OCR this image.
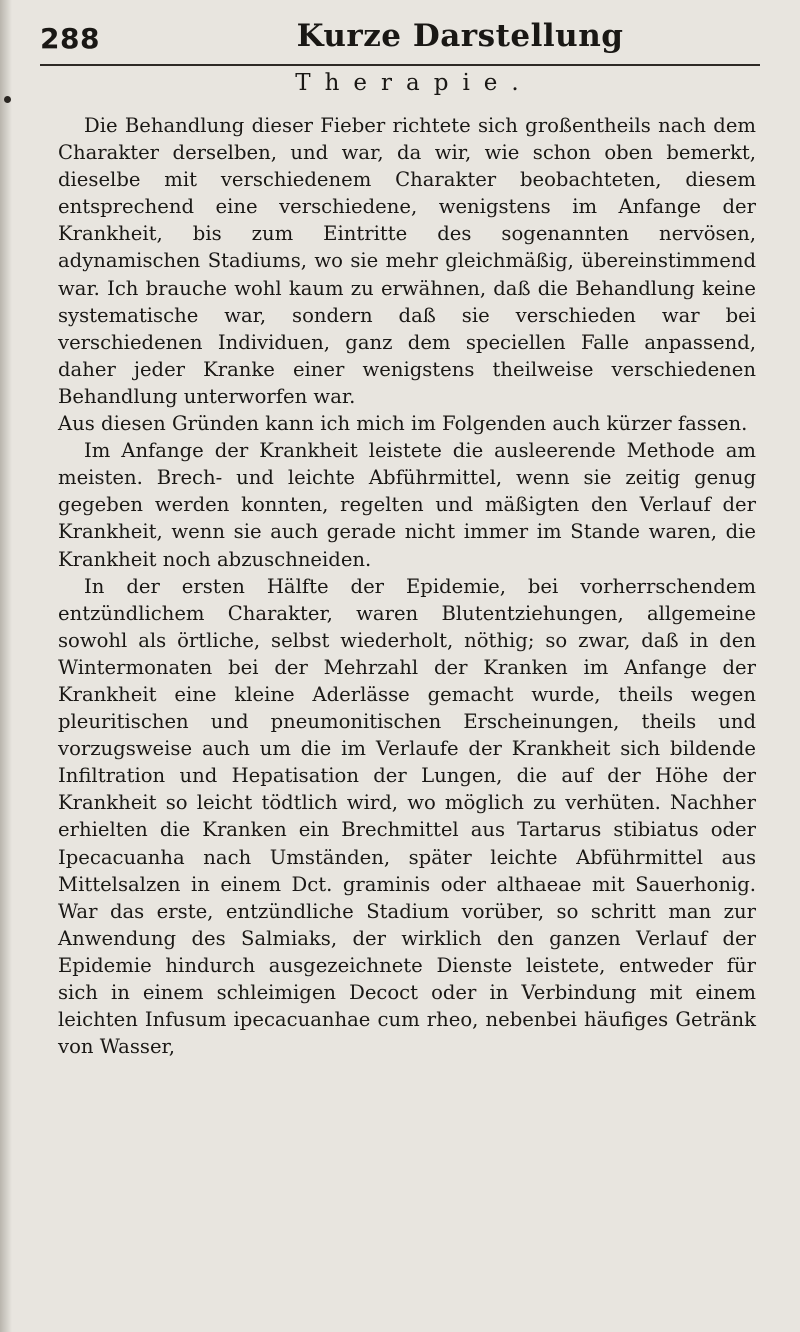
288	Kurze Darstellung
Therapie.

Die Behandlung dieser Fieber richtete sich großentheils nach dem Charakter derselben, und war, da wir, wie schon oben bemerkt, dieselbe mit verschiedenem Charakter beobachteten, diesem entsprechend eine verschiedene, wenigstens im Anfange der Krankheit, bis zum Eintritte des sogenannten nervösen, adynamischen Stadiums, wo sie mehr gleichmäßig, übereinstimmend war. Ich brauche wohl kaum zu erwähnen, daß die Behandlung keine systematische war, sondern daß sie verschieden war bei verschiedenen Individuen, ganz dem speciellen Falle anpassend, daher jeder Kranke einer wenigstens theilweise verschiedenen Behandlung unterworfen war.

Aus diesen Gründen kann ich mich im Folgenden auch kürzer fassen.

Im Anfange der Krankheit leistete die ausleerende Methode am meisten. Brech- und leichte Abführmittel, wenn sie zeitig genug gegeben werden konnten, regelten und mäßigten den Verlauf der Krankheit, wenn sie auch gerade nicht immer im Stande waren, die Krankheit noch abzuschneiden.

In der ersten Hälfte der Epidemie, bei vorherrschendem entzündlichem Charakter, waren Blutentziehungen, allgemeine sowohl als örtliche, selbst wiederholt, nöthig; so zwar, daß in den Wintermonaten bei der Mehrzahl der Kranken im Anfange der Krankheit eine kleine Aderlässe gemacht wurde, theils wegen pleuritischen und pneumonitischen Erscheinungen, theils und vorzugsweise auch um die im Verlaufe der Krankheit sich bildende Infiltration und Hepatisation der Lungen, die auf der Höhe der Krankheit so leicht tödtlich wird, wo möglich zu verhüten. Nachher erhielten die Kranken ein Brechmittel aus Tartarus stibiatus oder Ipecacuanha nach Umständen, später leichte Abführmittel aus Mittelsalzen in einem Dct. graminis oder althaeae mit Sauerhonig. War das erste, entzündliche Stadium vorüber, so schritt man zur Anwendung des Salmiaks, der wirklich den ganzen Verlauf der Epidemie hindurch ausgezeichnete Dienste leistete, entweder für sich in einem schleimigen Decoct oder in Verbindung mit einem leichten Infusum ipecacuanhae cum rheo, nebenbei häufiges Getränk von Wasser,
